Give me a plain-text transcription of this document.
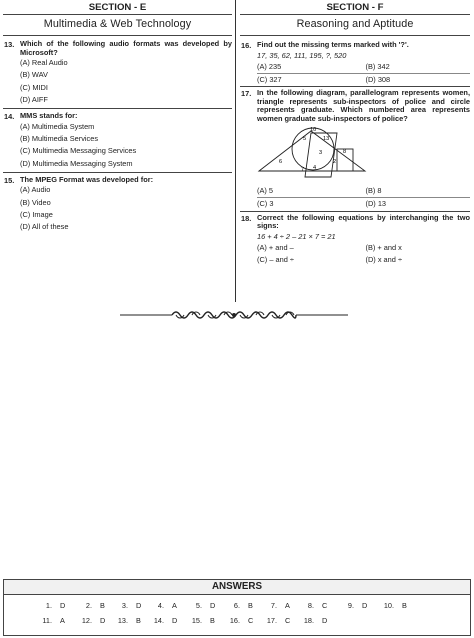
SECTION - E
Multimedia & Web Technology
13. Which of the following audio formats was developed by Microsoft?
(A) Real Audio
(B) WAV
(C) MIDI
(D) AIFF
14. MMS stands for:
(A) Multimedia System
(B) Multimedia Services
(C) Multimedia Messaging Services
(D) Multimedia Messaging System
15. The MPEG Format was developed for:
(A) Audio
(B) Video
(C) Image
(D) All of these
SECTION - F
Reasoning and Aptitude
16. Find out the missing terms marked with '?'.
17, 35, 62, 111, 195, ?, 520
(A) 235	(B) 342
(C) 327	(D) 308
17. In the following diagram, parallelogram represents women, triangle represents sub-inspectors of police and circle represents graduate. Which numbered area represents women graduate sub-inspectors of police?
10
5	13
3	8
6
7 4
2
(A) 5	(B) 8
(C) 3	(D) 13
18. Correct the following equations by interchanging the two signs:
16 + 4 ÷ 2 – 21 × 7 = 21
(A) + and –	(B) + and x
(C) – and ÷	(D) x and ÷
ANSWERS
1. D	2. B	3. D	4. A	5. D	6. B	7. A	8. C	9. D	10. B
11. A	12. D	13. B	14. D	15. B	16. C	17. C	18. D
